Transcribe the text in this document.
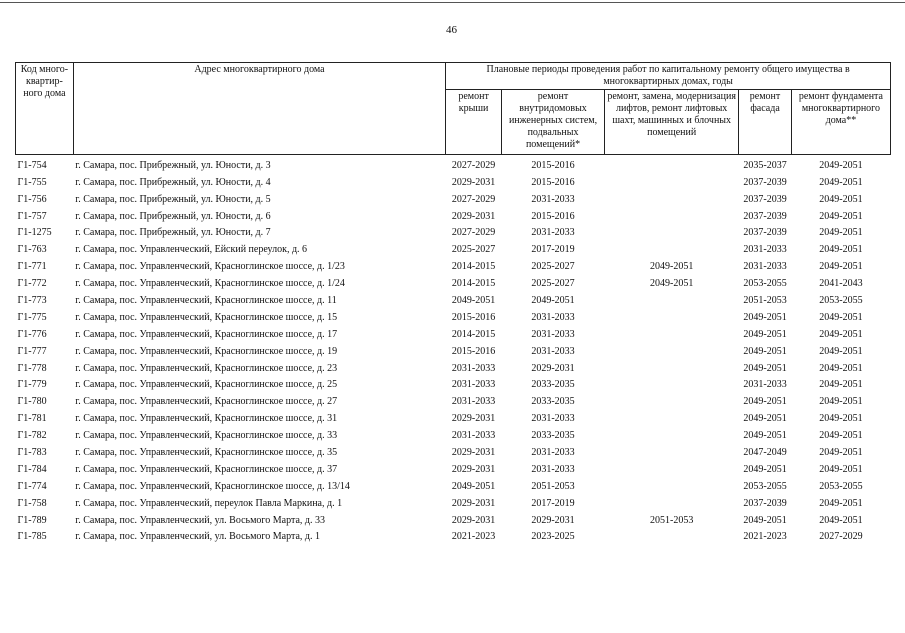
46
Код много-квартир-ного дома	Адрес многоквартирного дома	Плановые периоды проведения работ по капитальному ремонту общего имущества в многоквартирных домах, годы				
		ремонт крыши	ремонт внутридомовых инженерных систем, подвальных помещений*	ремонт, замена, модернизация лифтов, ремонт лифтовых шахт, машинных и блочных помещений	ремонт фасада	ремонт фундамента многоквартирного дома**
Г1-754	г. Самара, пос. Прибрежный, ул. Юности, д. 3	2027-2029	2015-2016		2035-2037	2049-2051
Г1-755	г. Самара, пос. Прибрежный, ул. Юности, д. 4	2029-2031	2015-2016		2037-2039	2049-2051
Г1-756	г. Самара, пос. Прибрежный, ул. Юности, д. 5	2027-2029	2031-2033		2037-2039	2049-2051
Г1-757	г. Самара, пос. Прибрежный, ул. Юности, д. 6	2029-2031	2015-2016		2037-2039	2049-2051
Г1-1275	г. Самара, пос. Прибрежный, ул. Юности, д. 7	2027-2029	2031-2033		2037-2039	2049-2051
Г1-763	г. Самара, пос. Управленческий, Ейский переулок, д. 6	2025-2027	2017-2019		2031-2033	2049-2051
Г1-771	г. Самара, пос. Управленческий, Красноглинское шоссе, д. 1/23	2014-2015	2025-2027	2049-2051	2031-2033	2049-2051
Г1-772	г. Самара, пос. Управленческий, Красноглинское шоссе, д. 1/24	2014-2015	2025-2027	2049-2051	2053-2055	2041-2043
Г1-773	г. Самара, пос. Управленческий, Красноглинское шоссе, д. 11	2049-2051	2049-2051		2051-2053	2053-2055
Г1-775	г. Самара, пос. Управленческий, Красноглинское шоссе, д. 15	2015-2016	2031-2033		2049-2051	2049-2051
Г1-776	г. Самара, пос. Управленческий, Красноглинское шоссе, д. 17	2014-2015	2031-2033		2049-2051	2049-2051
Г1-777	г. Самара, пос. Управленческий, Красноглинское шоссе, д. 19	2015-2016	2031-2033		2049-2051	2049-2051
Г1-778	г. Самара, пос. Управленческий, Красноглинское шоссе, д. 23	2031-2033	2029-2031		2049-2051	2049-2051
Г1-779	г. Самара, пос. Управленческий, Красноглинское шоссе, д. 25	2031-2033	2033-2035		2031-2033	2049-2051
Г1-780	г. Самара, пос. Управленческий, Красноглинское шоссе, д. 27	2031-2033	2033-2035		2049-2051	2049-2051
Г1-781	г. Самара, пос. Управленческий, Красноглинское шоссе, д. 31	2029-2031	2031-2033		2049-2051	2049-2051
Г1-782	г. Самара, пос. Управленческий, Красноглинское шоссе, д. 33	2031-2033	2033-2035		2049-2051	2049-2051
Г1-783	г. Самара, пос. Управленческий, Красноглинское шоссе, д. 35	2029-2031	2031-2033		2047-2049	2049-2051
Г1-784	г. Самара, пос. Управленческий, Красноглинское шоссе, д. 37	2029-2031	2031-2033		2049-2051	2049-2051
Г1-774	г. Самара, пос. Управленческий, Красноглинское шоссе, д. 13/14	2049-2051	2051-2053		2053-2055	2053-2055
Г1-758	г. Самара, пос. Управленческий, переулок Павла Маркина, д. 1	2029-2031	2017-2019		2037-2039	2049-2051
Г1-789	г. Самара, пос. Управленческий, ул. Восьмого Марта, д. 33	2029-2031	2029-2031	2051-2053	2049-2051	2049-2051
Г1-785	г. Самара, пос. Управленческий, ул. Восьмого Марта, д. 1	2021-2023	2023-2025		2021-2023	2027-2029
